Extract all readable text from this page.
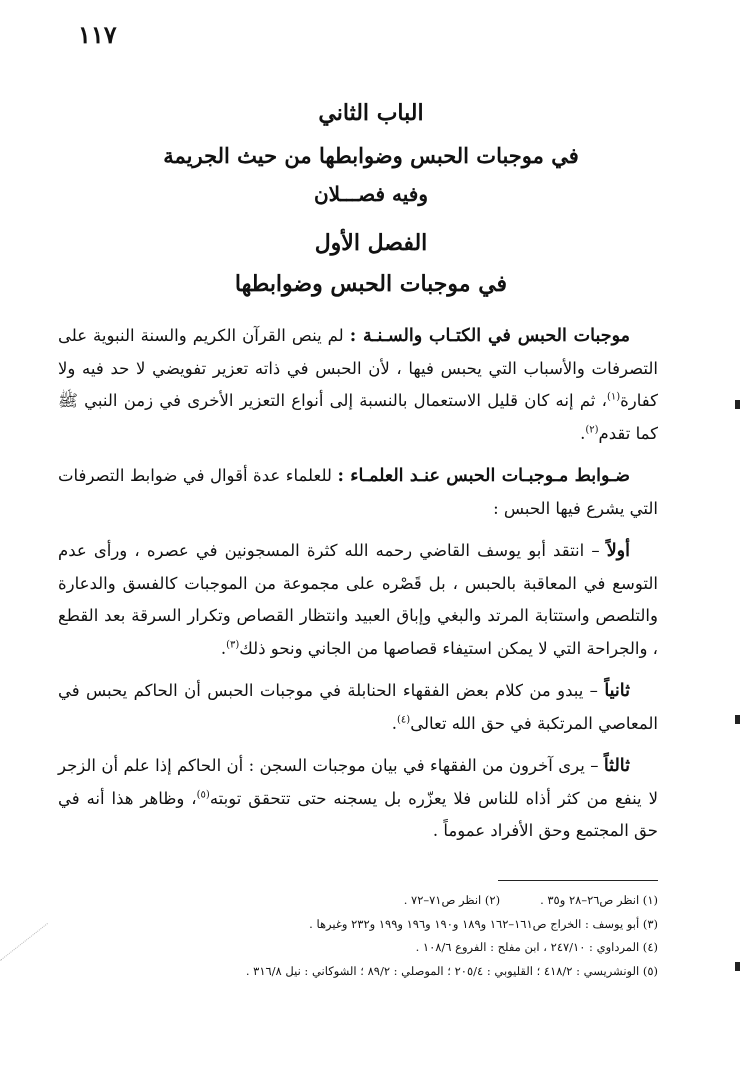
١١٧
الباب الثاني
في موجبات الحبس وضوابطها من حيث الجريمة
وفيه فصـــلان
الفصل الأول
في موجبات الحبس وضوابطها

موجبات الحبس في الكتـاب والسـنـة : لم ينص القرآن الكريم والسنة النبوية على التصرفات والأسباب التي يحبس فيها ، لأن الحبس في ذاته تعزير تفويضي لا حد فيه ولا كفارة$^{(١)}$، ثم إنه كان قليل الاستعمال بالنسبة إلى أنواع التعزير الأخرى في زمن النبي ﷺ كما تقدم$^{(٢)}$.

ضـوابط مـوجبـات الحبس عنـد العلمـاء : للعلماء عدة أقوال في ضوابط التصرفات التي يشرع فيها الحبس :

أولاً – انتقد أبو يوسف القاضي رحمه الله كثرة المسجونين في عصره ، ورأى عدم التوسع في المعاقبة بالحبس ، بل قَصْره على مجموعة من الموجبات كالفسق والدعارة والتلصص واستتابة المرتد والبغي وإباق العبيد وانتظار القصاص وتكرار السرقة بعد القطع ، والجراحة التي لا يمكن استيفاء قصاصها من الجاني ونحو ذلك$^{(٣)}$.

ثانياً – يبدو من كلام بعض الفقهاء الحنابلة في موجبات الحبس أن الحاكم يحبس في المعاصي المرتكبة في حق الله تعالى$^{(٤)}$.

ثالثاً – يرى آخرون من الفقهاء في بيان موجبات السجن : أن الحاكم إذا علم أن الزجر لا ينفع من كثر أذاه للناس فلا يعزّره بل يسجنه حتى تتحقق توبته$^{(٥)}$، وظاهر هذا أنه في حق المجتمع وحق الأفراد عموماً .

(١) انظر ص٢٦–٢٨ و٣٥ .
(٢) انظر ص٧١–٧٢ .
(٣) أبو يوسف : الخراج ص١٦١–١٦٢ و١٨٩ و١٩٠ و١٩٦ و١٩٩ و٢٣٢ وغيرها .
(٤) المرداوي : ٢٤٧/١٠ ، ابن مفلح : الفروع ١٠٨/٦ .
(٥) الونشريسي : ٤١٨/٢ ؛ القليوبي : ٢٠٥/٤ ؛ الموصلي : ٨٩/٢ ؛ الشوكاني : نيل ٣١٦/٨ .
